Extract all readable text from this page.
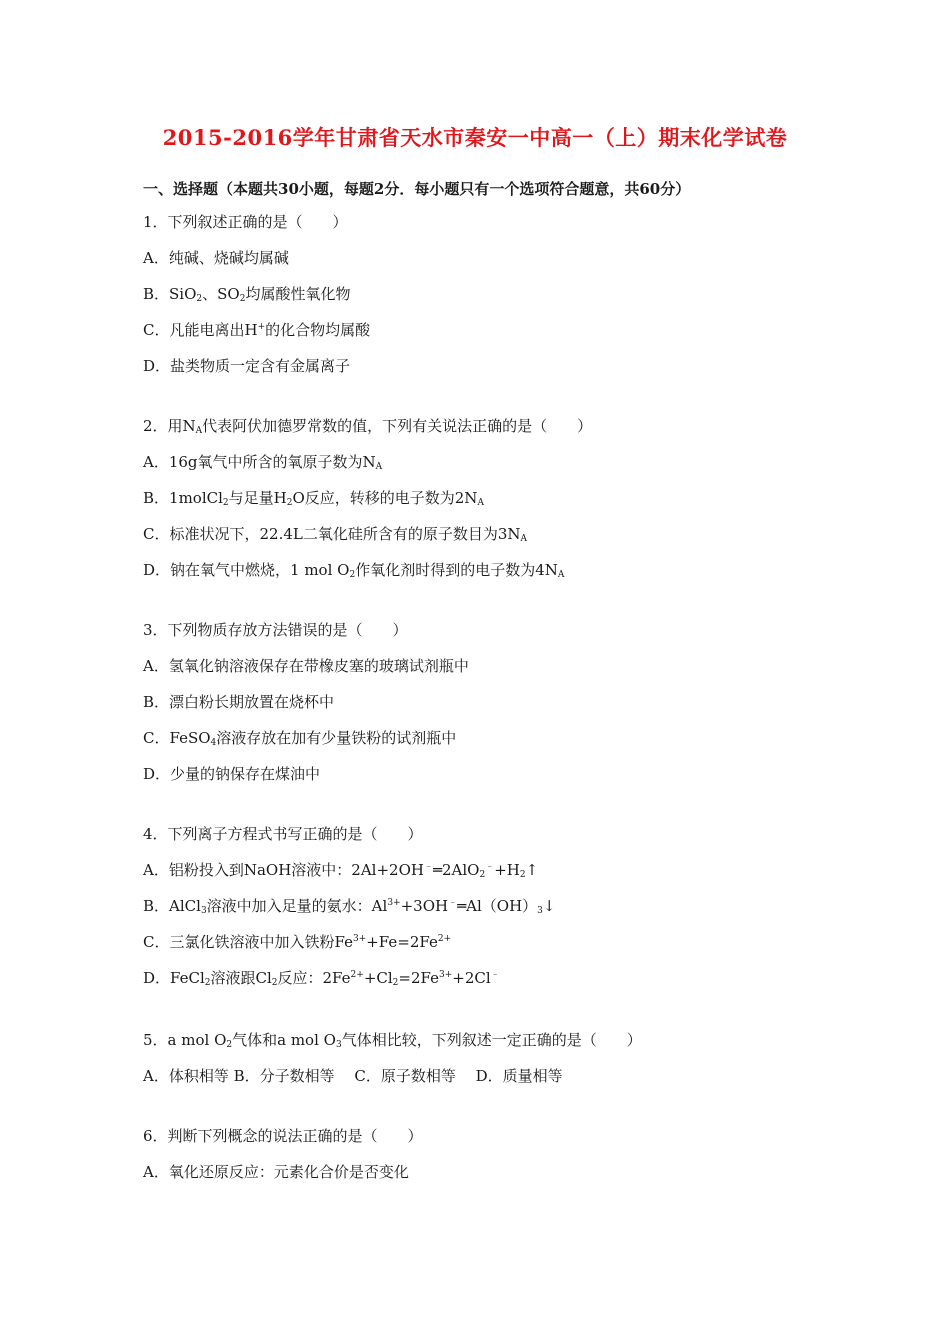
2015-2016学年甘肃省天水市秦安一中高一（上）期末化学试卷
一、选择题（本题共30小题，每题2分．每小题只有一个选项符合题意，共60分）
1．下列叙述正确的是（　　）
A．纯碱、烧碱均属碱
B．SiO$_2$、$SO_2$均属酸性氧化物
C．凡能电离出H+的化合物均属酸
D．盐类物质一定含有金属离子
2．用$N_A$代表阿伏加德罗常数的值，下列有关说法正确的是（　　）
A．16g氧气中所含的氧原子数为$N_A$
B．1molCl$_2$与足量$H_2O$反应，转移的电子数为$2N_A$
C．标准状况下，22.4L二氧化硅所含有的原子数目为$3N_A$
D．钠在氧气中燃烧，1 mol $O_2$作氧化剂时得到的电子数为$4N_A$
3．下列物质存放方法错误的是（　　）
A．氢氧化钠溶液保存在带橡皮塞的玻璃试剂瓶中
B．漂白粉长期放置在烧杯中
C．FeSO$_4$溶液存放在加有少量铁粉的试剂瓶中
D．少量的钠保存在煤油中
4．下列离子方程式书写正确的是（　　）
A．铝粉投入到NaOH溶液中：$2Al+2OH^﹣═2AlO_2^﹣+H_2↑$
B．AlCl$_3$溶液中加入足量的氨水：$Al^{3+}+3OH^﹣═Al(OH)_3↓$
C．三氯化铁溶液中加入铁粉$Fe^{3+}+Fe=2Fe^{2+}$
D．FeCl$_2$溶液跟$Cl_2$反应：$2Fe^{2+}+Cl_2=2Fe^{3+}+2Cl^﹣$
5．a mol $O_2$气体和a mol $O_3$气体相比较，下列叙述一定正确的是（　　）
A．体积相等 B．分子数相等　 C．原子数相等　 D．质量相等
6．判断下列概念的说法正确的是（　　）
A．氧化还原反应：元素化合价是否变化
